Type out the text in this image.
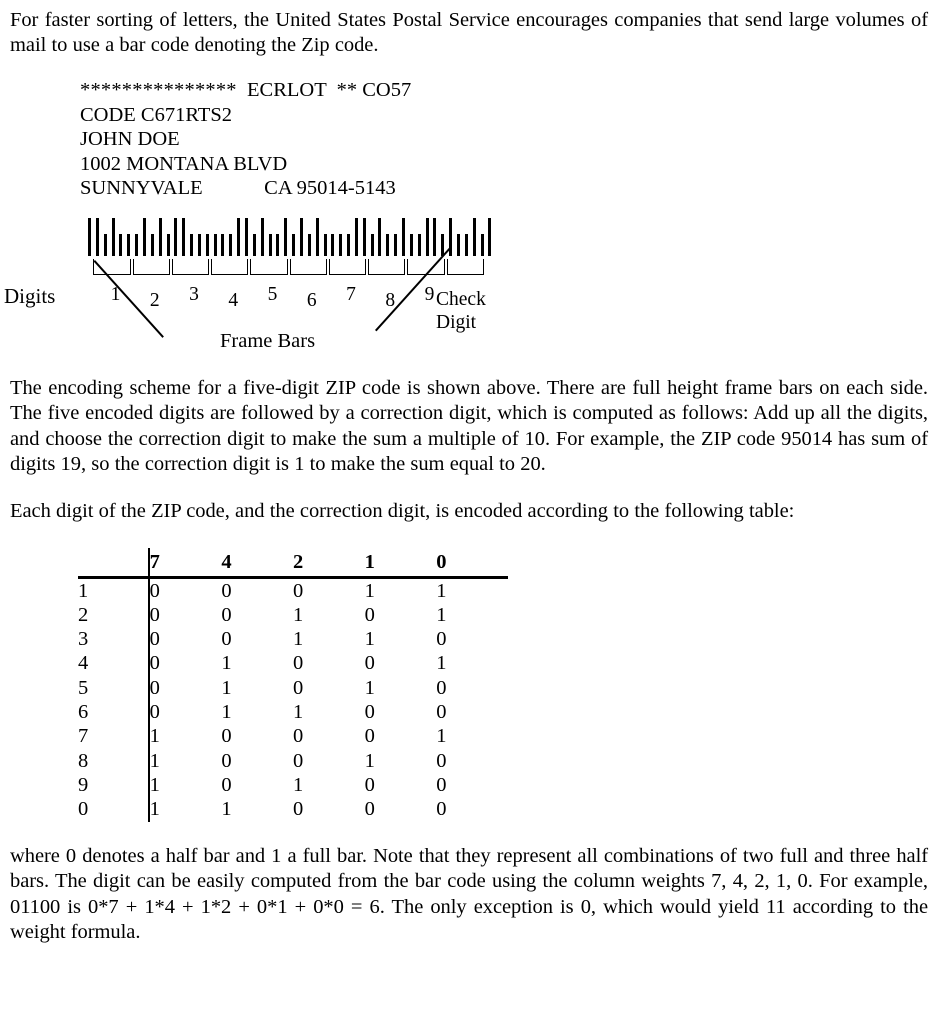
For faster sorting of letters, the United States Postal Service encourages companies that send large volumes of mail to use a bar code denoting the Zip code.
*************** ECRLOT  ** CO57
CODE C671RTS2
JOHN DOE
1002 MONTANA BLVD
SUNNYVALE	CA 95014-5143
Digits	1 2 3 4 5 6 7 8 9 Check
Digit
Frame Bars
The encoding scheme for a five-digit ZIP code is shown above. There are full height frame bars on each side. The five encoded digits are followed by a correction digit, which is computed as follows: Add up all the digits, and choose the correction digit to make the sum a multiple of 10. For example, the ZIP code 95014 has sum of digits 19, so the correction digit is 1 to make the sum equal to 20.
Each digit of the ZIP code, and the correction digit, is encoded according to the following table:
		7	4	2	1	0

1		0	0	0	1	1
2		0	0	1	0	1
3		0	0	1	1	0
4		0	1	0	0	1
5		0	1	0	1	0
6		0	1	1	0	0
7		1	0	0	0	1
8		1	0	0	1	0
9		1	0	1	0	0
0		1	1	0	0	0
where 0 denotes a half bar and 1 a full bar. Note that they represent all combinations of two full and three half bars. The digit can be easily computed from the bar code using the column weights 7, 4, 2, 1, 0. For example, 01100 is 0*7 + 1*4 + 1*2 + 0*1 + 0*0 = 6. The only exception is 0, which would yield 11 according to the weight formula.
